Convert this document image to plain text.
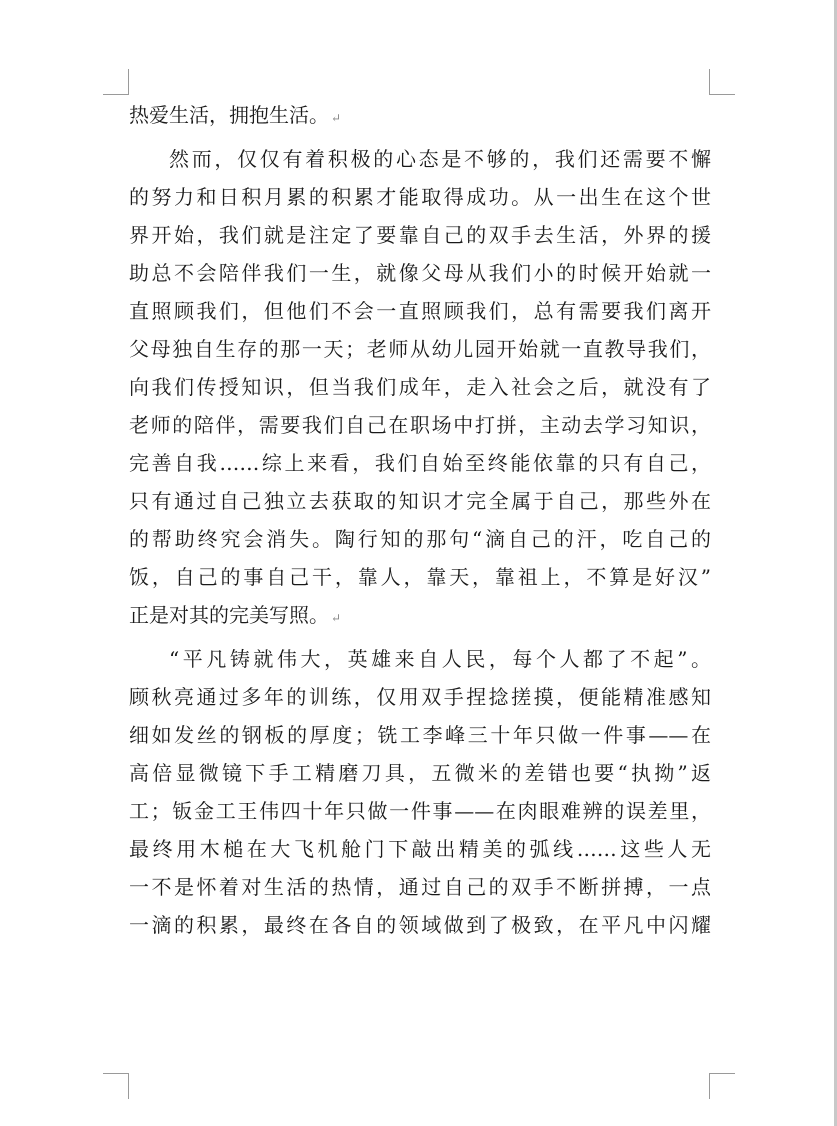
热爱生活，拥抱生活。 ↵
然而，仅仅有着积极的心态是不够的，我们还需要不懈
的努力和日积月累的积累才能取得成功。从一出生在这个世
界开始，我们就是注定了要靠自己的双手去生活，外界的援
助总不会陪伴我们一生，就像父母从我们小的时候开始就一
直照顾我们，但他们不会一直照顾我们，总有需要我们离开
父母独自生存的那一天；老师从幼儿园开始就一直教导我们，
向我们传授知识，但当我们成年，走入社会之后，就没有了
老师的陪伴，需要我们自己在职场中打拼，主动去学习知识，
完善自我……综上来看，我们自始至终能依靠的只有自己，
只有通过自己独立去获取的知识才完全属于自己，那些外在
的帮助终究会消失。陶行知的那句“滴自己的汗，吃自己的
饭，自己的事自己干，靠人，靠天，靠祖上，不算是好汉”
正是对其的完美写照。 ↵
“平凡铸就伟大，英雄来自人民，每个人都了不起”。
顾秋亮通过多年的训练，仅用双手捏捻搓摸，便能精准感知
细如发丝的钢板的厚度；铣工李峰三十年只做一件事——在
高倍显微镜下手工精磨刀具，五微米的差错也要“执拗”返
工；钣金工王伟四十年只做一件事——在肉眼难辨的误差里，
最终用木槌在大飞机舱门下敲出精美的弧线……这些人无
一不是怀着对生活的热情，通过自己的双手不断拼搏，一点
一滴的积累，最终在各自的领域做到了极致，在平凡中闪耀
